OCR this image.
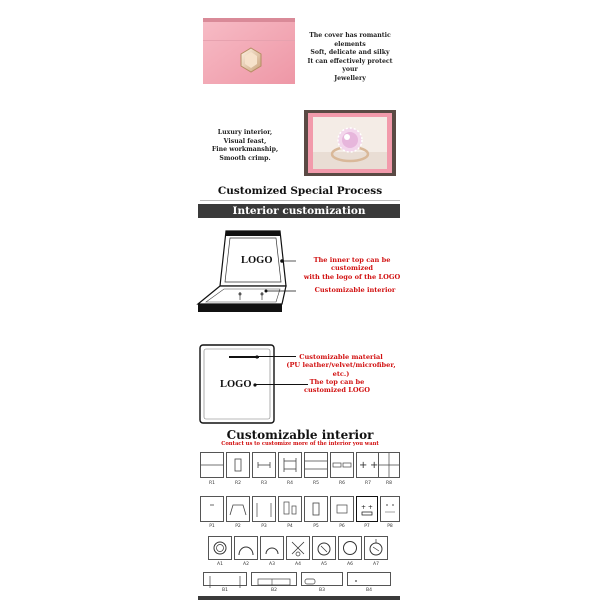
The cover has romantic elements
Soft, delicate and silky
It can effectively protect your
Jewellery
Luxury interior,
Visual feast,
Fine workmanship,
Smooth crimp.
Customized Special Process
Interior customization
LOGO	The inner top can be customized
with the logo of the LOGO
Customizable interior
LOGO
Customizable material
(PU leather/velvet/microfiber, etc.)
The top can be
customized LOGO
Customizable interior
Contact us to customize more of the interior you want
+ +
R1	R2	R3	R4	R5	R6	R7	R8
+ +
P1	P2	P3	P4	P5	P6	P7	P8
A1	A2	A3	A4	A5	A6	A7
B1	B2	B3	B4
